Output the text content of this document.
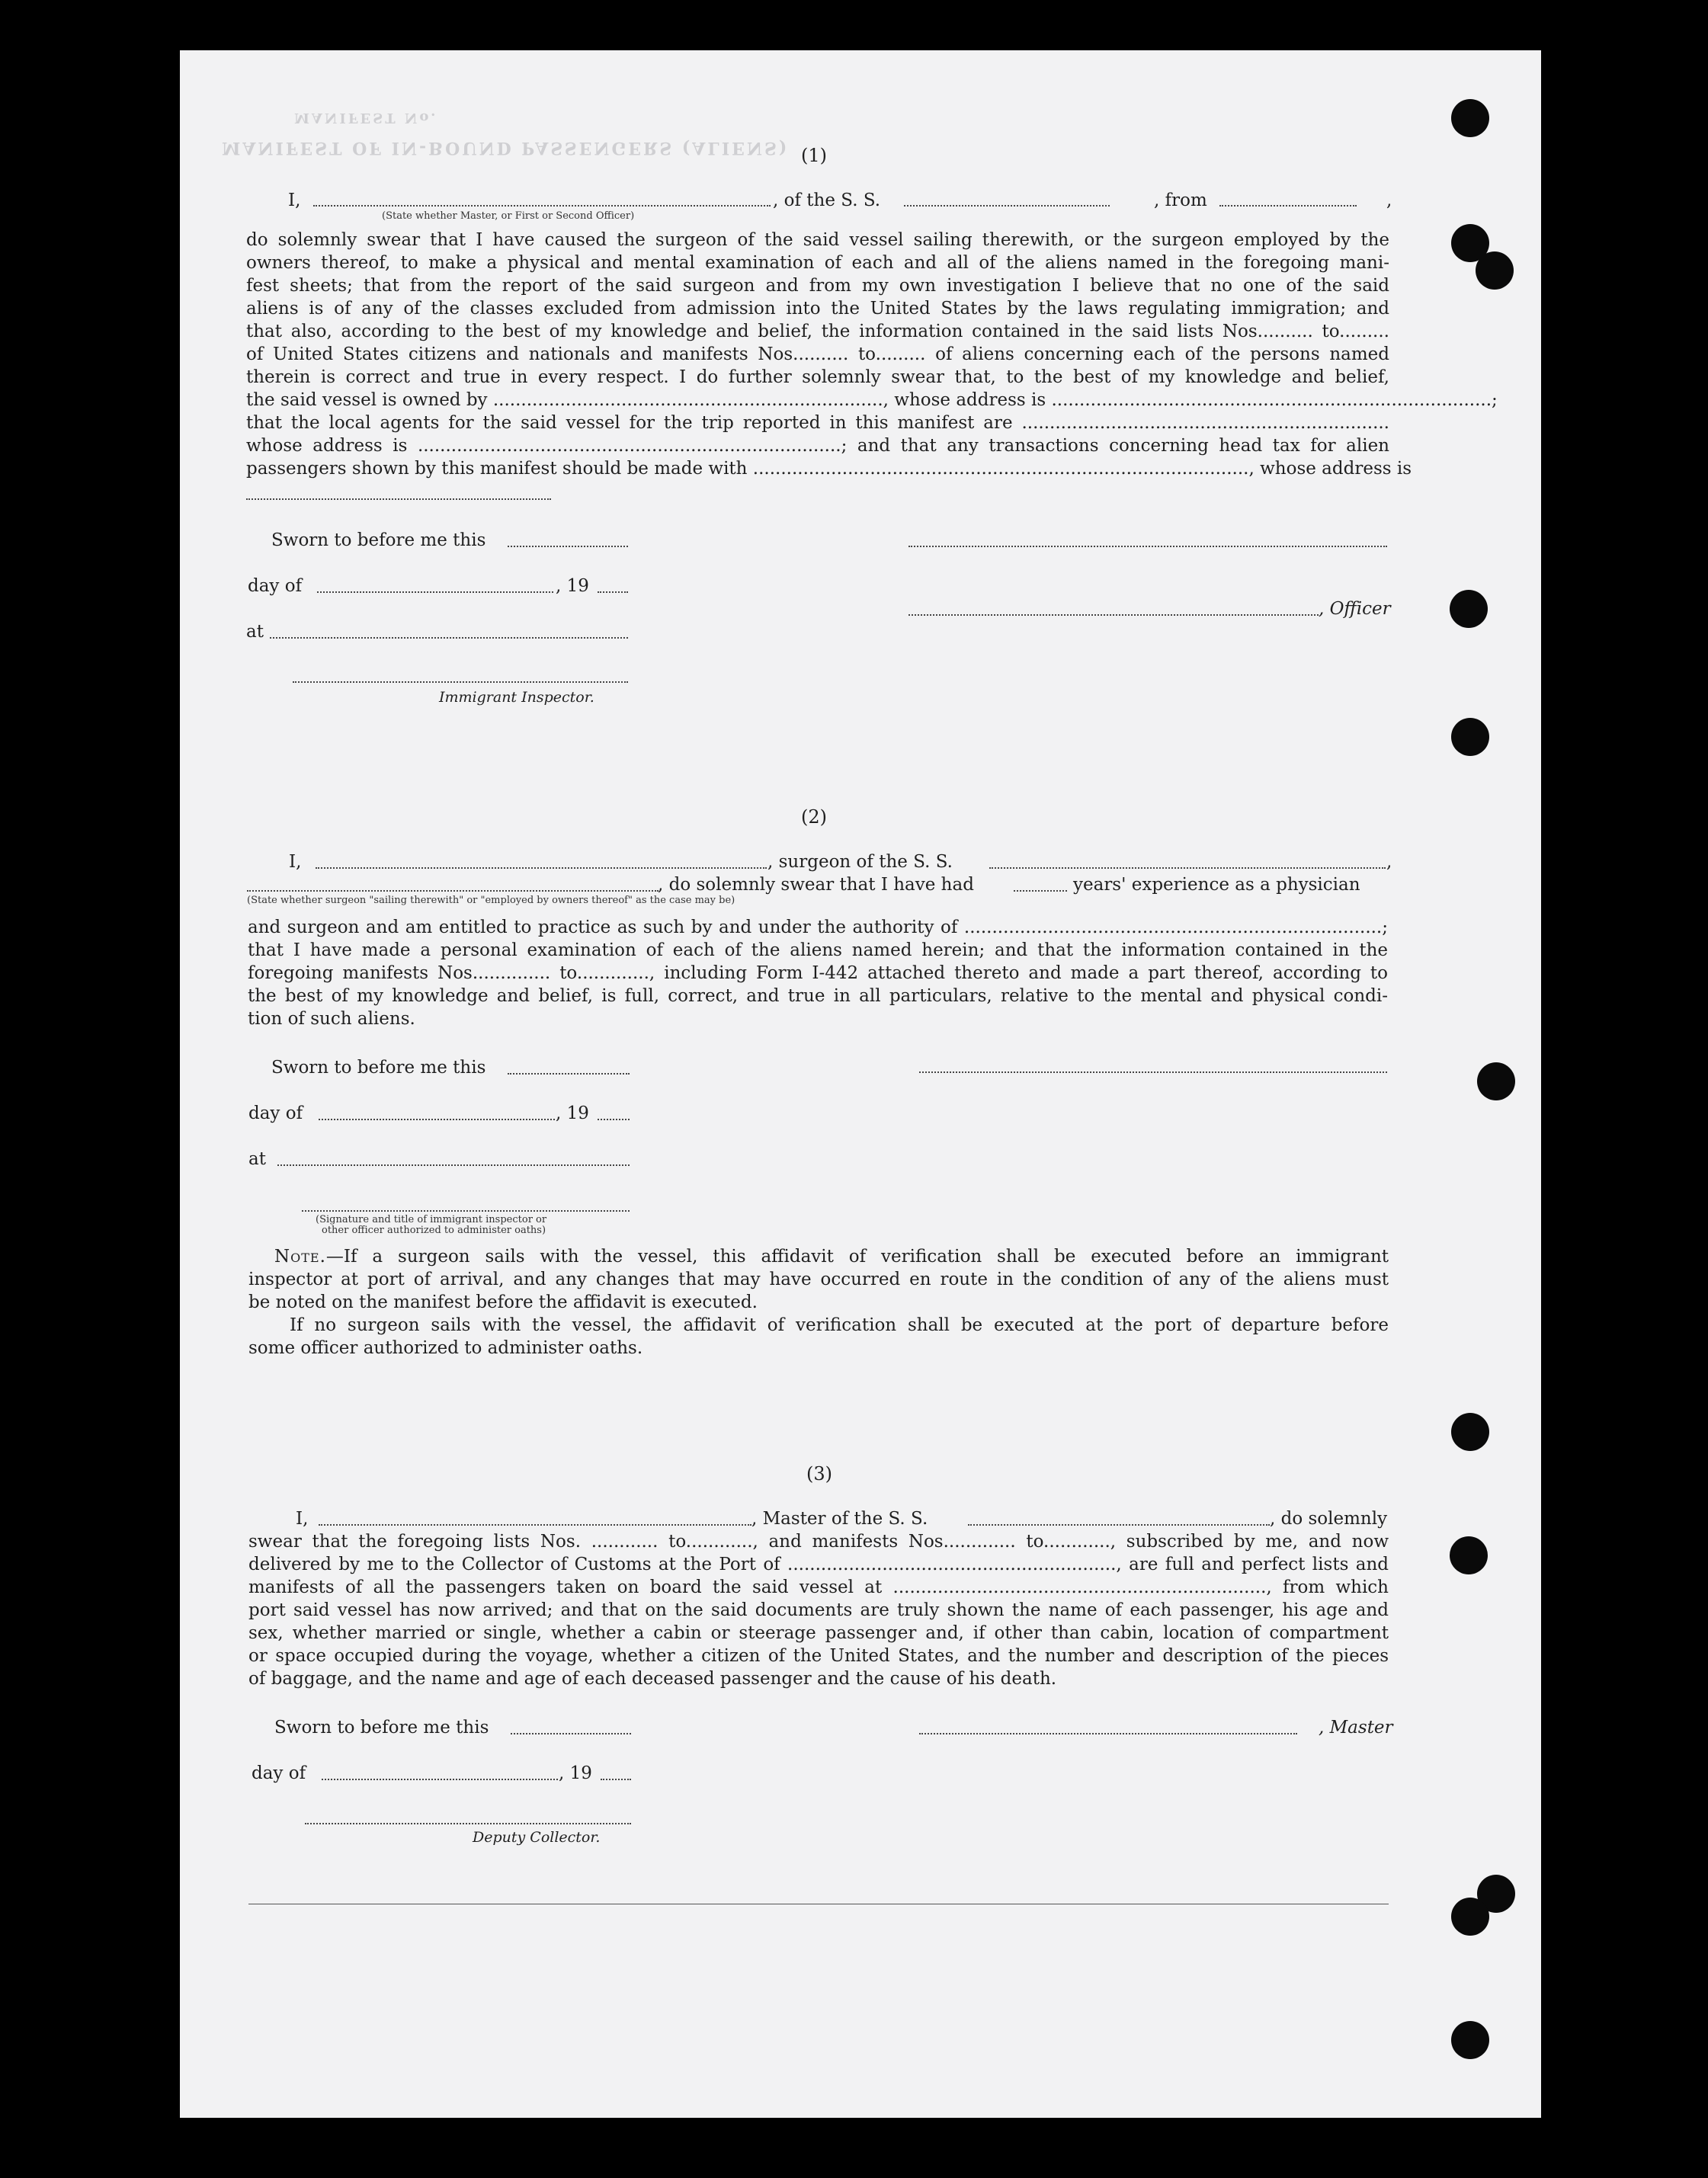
MANIFEST OF IN-BOUND PASSENGERS (ALIENS)
MANIFEST No.
(1)
I,	, of the S. S.	, from	,
(State whether Master, or First or Second Officer)
do solemnly swear that I have caused the surgeon of the said vessel sailing therewith, or the surgeon employed by the
owners thereof, to make a physical and mental examination of each and all of the aliens named in the foregoing mani-
fest sheets; that from the report of the said surgeon and from my own investigation I believe that no one of the said
aliens is of any of the classes excluded from admission into the United States by the laws regulating immigration; and
that also, according to the best of my knowledge and belief, the information contained in the said lists Nos.......... to.........
of United States citizens and nationals and manifests Nos.......... to......... of aliens concerning each of the persons named
therein is correct and true in every respect. I do further solemnly swear that, to the best of my knowledge and belief,
the said vessel is owned by ......................................................................, whose address is ...............................................................................;
that the local agents for the said vessel for the trip reported in this manifest are ..................................................................
whose address is ............................................................................; and that any transactions concerning head tax for alien
passengers shown by this manifest should be made with ........................................................................................., whose address is
Sworn to before me this
day of	, 19
, Officer
at
Immigrant Inspector.
(2)
I,	, surgeon of the S. S.	,
, do solemnly swear that I have had	years' experience as a physician
(State whether surgeon "sailing therewith" or "employed by owners thereof" as the case may be)
and surgeon and am entitled to practice as such by and under the authority of ...........................................................................;
that I have made a personal examination of each of the aliens named herein; and that the information contained in the
foregoing manifests Nos.............. to............., including Form I-442 attached thereto and made a part thereof, according to
the best of my knowledge and belief, is full, correct, and true in all particulars, relative to the mental and physical condi-
tion of such aliens.
Sworn to before me this
day of	, 19
at
(Signature and title of immigrant inspector or
other officer authorized to administer oaths)
Note. —If a surgeon sails with the vessel, this affidavit of verification shall be executed before an immigrant
inspector at port of arrival, and any changes that may have occurred en route in the condition of any of the aliens must
be noted on the manifest before the affidavit is executed.
If no surgeon sails with the vessel, the affidavit of verification shall be executed at the port of departure before
some officer authorized to administer oaths.
(3)
I,	, Master of the S. S.	, do solemnly
swear that the foregoing lists Nos. ............ to............, and manifests Nos............. to............, subscribed by me, and now
delivered by me to the Collector of Customs at the Port of ..........................................................., are full and perfect lists and
manifests of all the passengers taken on board the said vessel at ..................................................................., from which
port said vessel has now arrived; and that on the said documents are truly shown the name of each passenger, his age and
sex, whether married or single, whether a cabin or steerage passenger and, if other than cabin, location of compartment
or space occupied during the voyage, whether a citizen of the United States, and the number and description of the pieces
of baggage, and the name and age of each deceased passenger and the cause of his death.
Sworn to before me this	, Master
day of	, 19
Deputy Collector.
